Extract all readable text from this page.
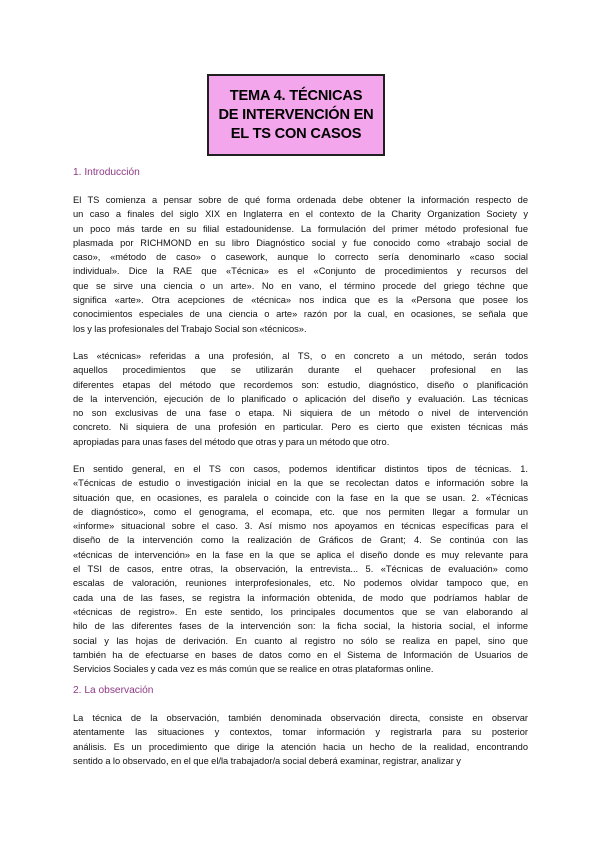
TEMA 4. TÉCNICAS
DE INTERVENCIÓN EN
EL TS CON CASOS
1. Introducción
El TS comienza a pensar sobre de qué forma ordenada debe obtener la información respecto de
un caso a finales del siglo XIX en Inglaterra en el contexto de la Charity Organization Society y
un poco más tarde en su filial estadounidense. La formulación del primer método profesional fue
plasmada por RICHMOND en su libro Diagnóstico social y fue conocido como «trabajo social de
caso», «método de caso» o casework, aunque lo correcto sería denominarlo «caso social
individual». Dice la RAE que «Técnica» es el «Conjunto de procedimientos y recursos del
que se sirve una ciencia o un arte». No en vano, el término procede del griego téchne que
significa «arte». Otra acepciones de «técnica» nos indica que es la «Persona que posee los
conocimientos especiales de una ciencia o arte» razón por la cual, en ocasiones, se señala que
los y las profesionales del Trabajo Social son «técnicos».
Las «técnicas» referidas a una profesión, al TS, o en concreto a un método, serán todos
aquellos procedimientos que se utilizarán durante el quehacer profesional en las
diferentes etapas del método que recordemos son: estudio, diagnóstico, diseño o planificación
de la intervención, ejecución de lo planificado o aplicación del diseño y evaluación. Las técnicas
no son exclusivas de una fase o etapa. Ni siquiera de un método o nivel de intervención
concreto. Ni siquiera de una profesión en particular. Pero es cierto que existen técnicas más
apropiadas para unas fases del método que otras y para un método que otro.
En sentido general, en el TS con casos, podemos identificar distintos tipos de técnicas. 1.
«Técnicas de estudio o investigación inicial en la que se recolectan datos e información sobre la
situación que, en ocasiones, es paralela o coincide con la fase en la que se usan. 2. «Técnicas
de diagnóstico», como el genograma, el ecomapa, etc. que nos permiten llegar a formular un
«informe» situacional sobre el caso. 3. Así mismo nos apoyamos en técnicas específicas para el
diseño de la intervención como la realización de Gráficos de Grant; 4. Se continúa con las
«técnicas de intervención» en la fase en la que se aplica el diseño donde es muy relevante para
el TSI de casos, entre otras, la observación, la entrevista... 5. «Técnicas de evaluación» como
escalas de valoración, reuniones interprofesionales, etc. No podemos olvidar tampoco que, en
cada una de las fases, se registra la información obtenida, de modo que podríamos hablar de
«técnicas de registro». En este sentido, los principales documentos que se van elaborando al
hilo de las diferentes fases de la intervención son: la ficha social, la historia social, el informe
social y las hojas de derivación. En cuanto al registro no sólo se realiza en papel, sino que
también ha de efectuarse en bases de datos como en el Sistema de Información de Usuarios de
Servicios Sociales y cada vez es más común que se realice en otras plataformas online.
2. La observación
La técnica de la observación, también denominada observación directa, consiste en observar
atentamente las situaciones y contextos, tomar información y registrarla para su posterior
análisis. Es un procedimiento que dirige la atención hacia un hecho de la realidad, encontrando
sentido a lo observado, en el que el/la trabajador/a social deberá examinar, registrar, analizar y
